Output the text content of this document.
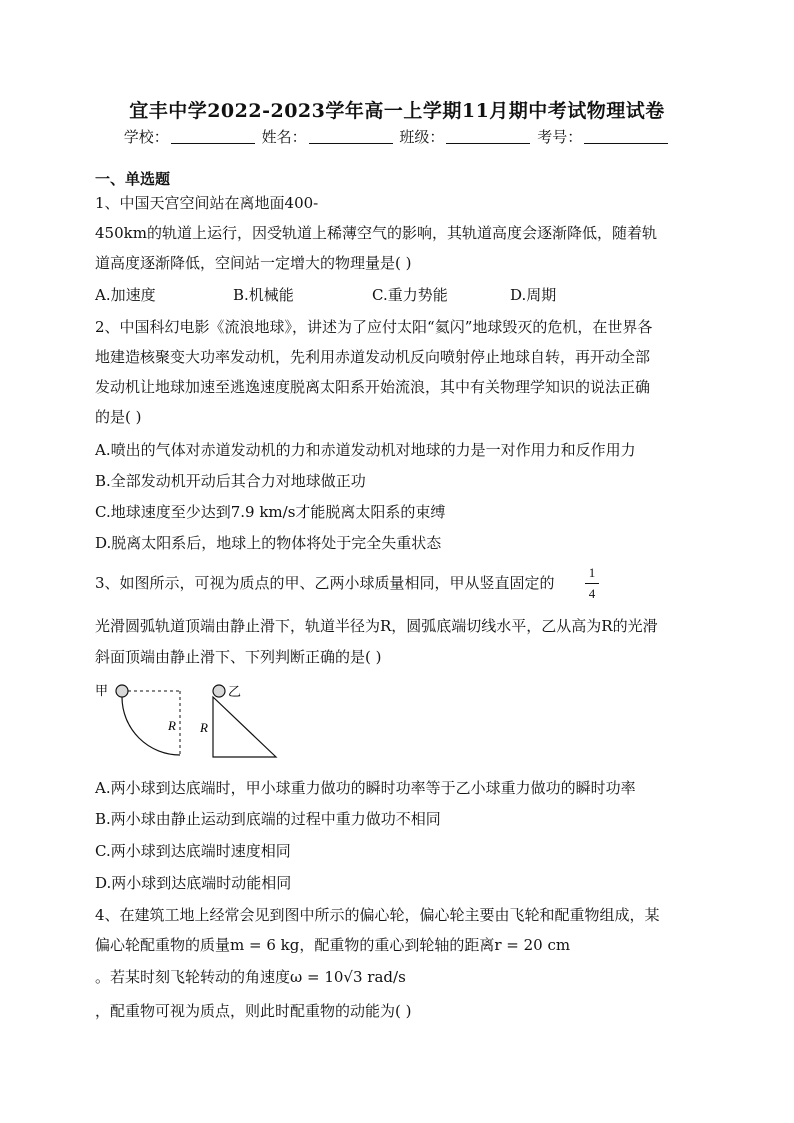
宜丰中学2022-2023学年高一上学期11月期中考试物理试卷
学校：	姓名：	班级：	考号：
一、单选题
1、中国天宫空间站在离地面400-
450km的轨道上运行，因受轨道上稀薄空气的影响，其轨道高度会逐渐降低，随着轨
道高度逐渐降低，空间站一定增大的物理量是( )
A.加速度	B.机械能	C.重力势能	D.周期
2、中国科幻电影《流浪地球》，讲述为了应付太阳“氦闪”地球毁灭的危机，在世界各
地建造核聚变大功率发动机，先利用赤道发动机反向喷射停止地球自转，再开动全部
发动机让地球加速至逃逸速度脱离太阳系开始流浪，其中有关物理学知识的说法正确
的是( )
A.喷出的气体对赤道发动机的力和赤道发动机对地球的力是一对作用力和反作用力
B.全部发动机开动后其合力对地球做正功
C.地球速度至少达到7.9 km/s才能脱离太阳系的束缚
D.脱离太阳系后，地球上的物体将处于完全失重状态
3、如图所示，可视为质点的甲、乙两小球质量相同，甲从竖直固定的
1
4
光滑圆弧轨道顶端由静止滑下，轨道半径为R，圆弧底端切线水平，乙从高为R的光滑
斜面顶端由静止滑下、下列判断正确的是( )
甲
R
乙
R
A.两小球到达底端时，甲小球重力做功的瞬时功率等于乙小球重力做功的瞬时功率
B.两小球由静止运动到底端的过程中重力做功不相同
C.两小球到达底端时速度相同
D.两小球到达底端时动能相同
4、在建筑工地上经常会见到图中所示的偏心轮，偏心轮主要由飞轮和配重物组成，某
偏心轮配重物的质量m = 6 kg，配重物的重心到轮轴的距离r = 20 cm
。若某时刻飞轮转动的角速度ω = 10√3 rad/s
，配重物可视为质点，则此时配重物的动能为( )
